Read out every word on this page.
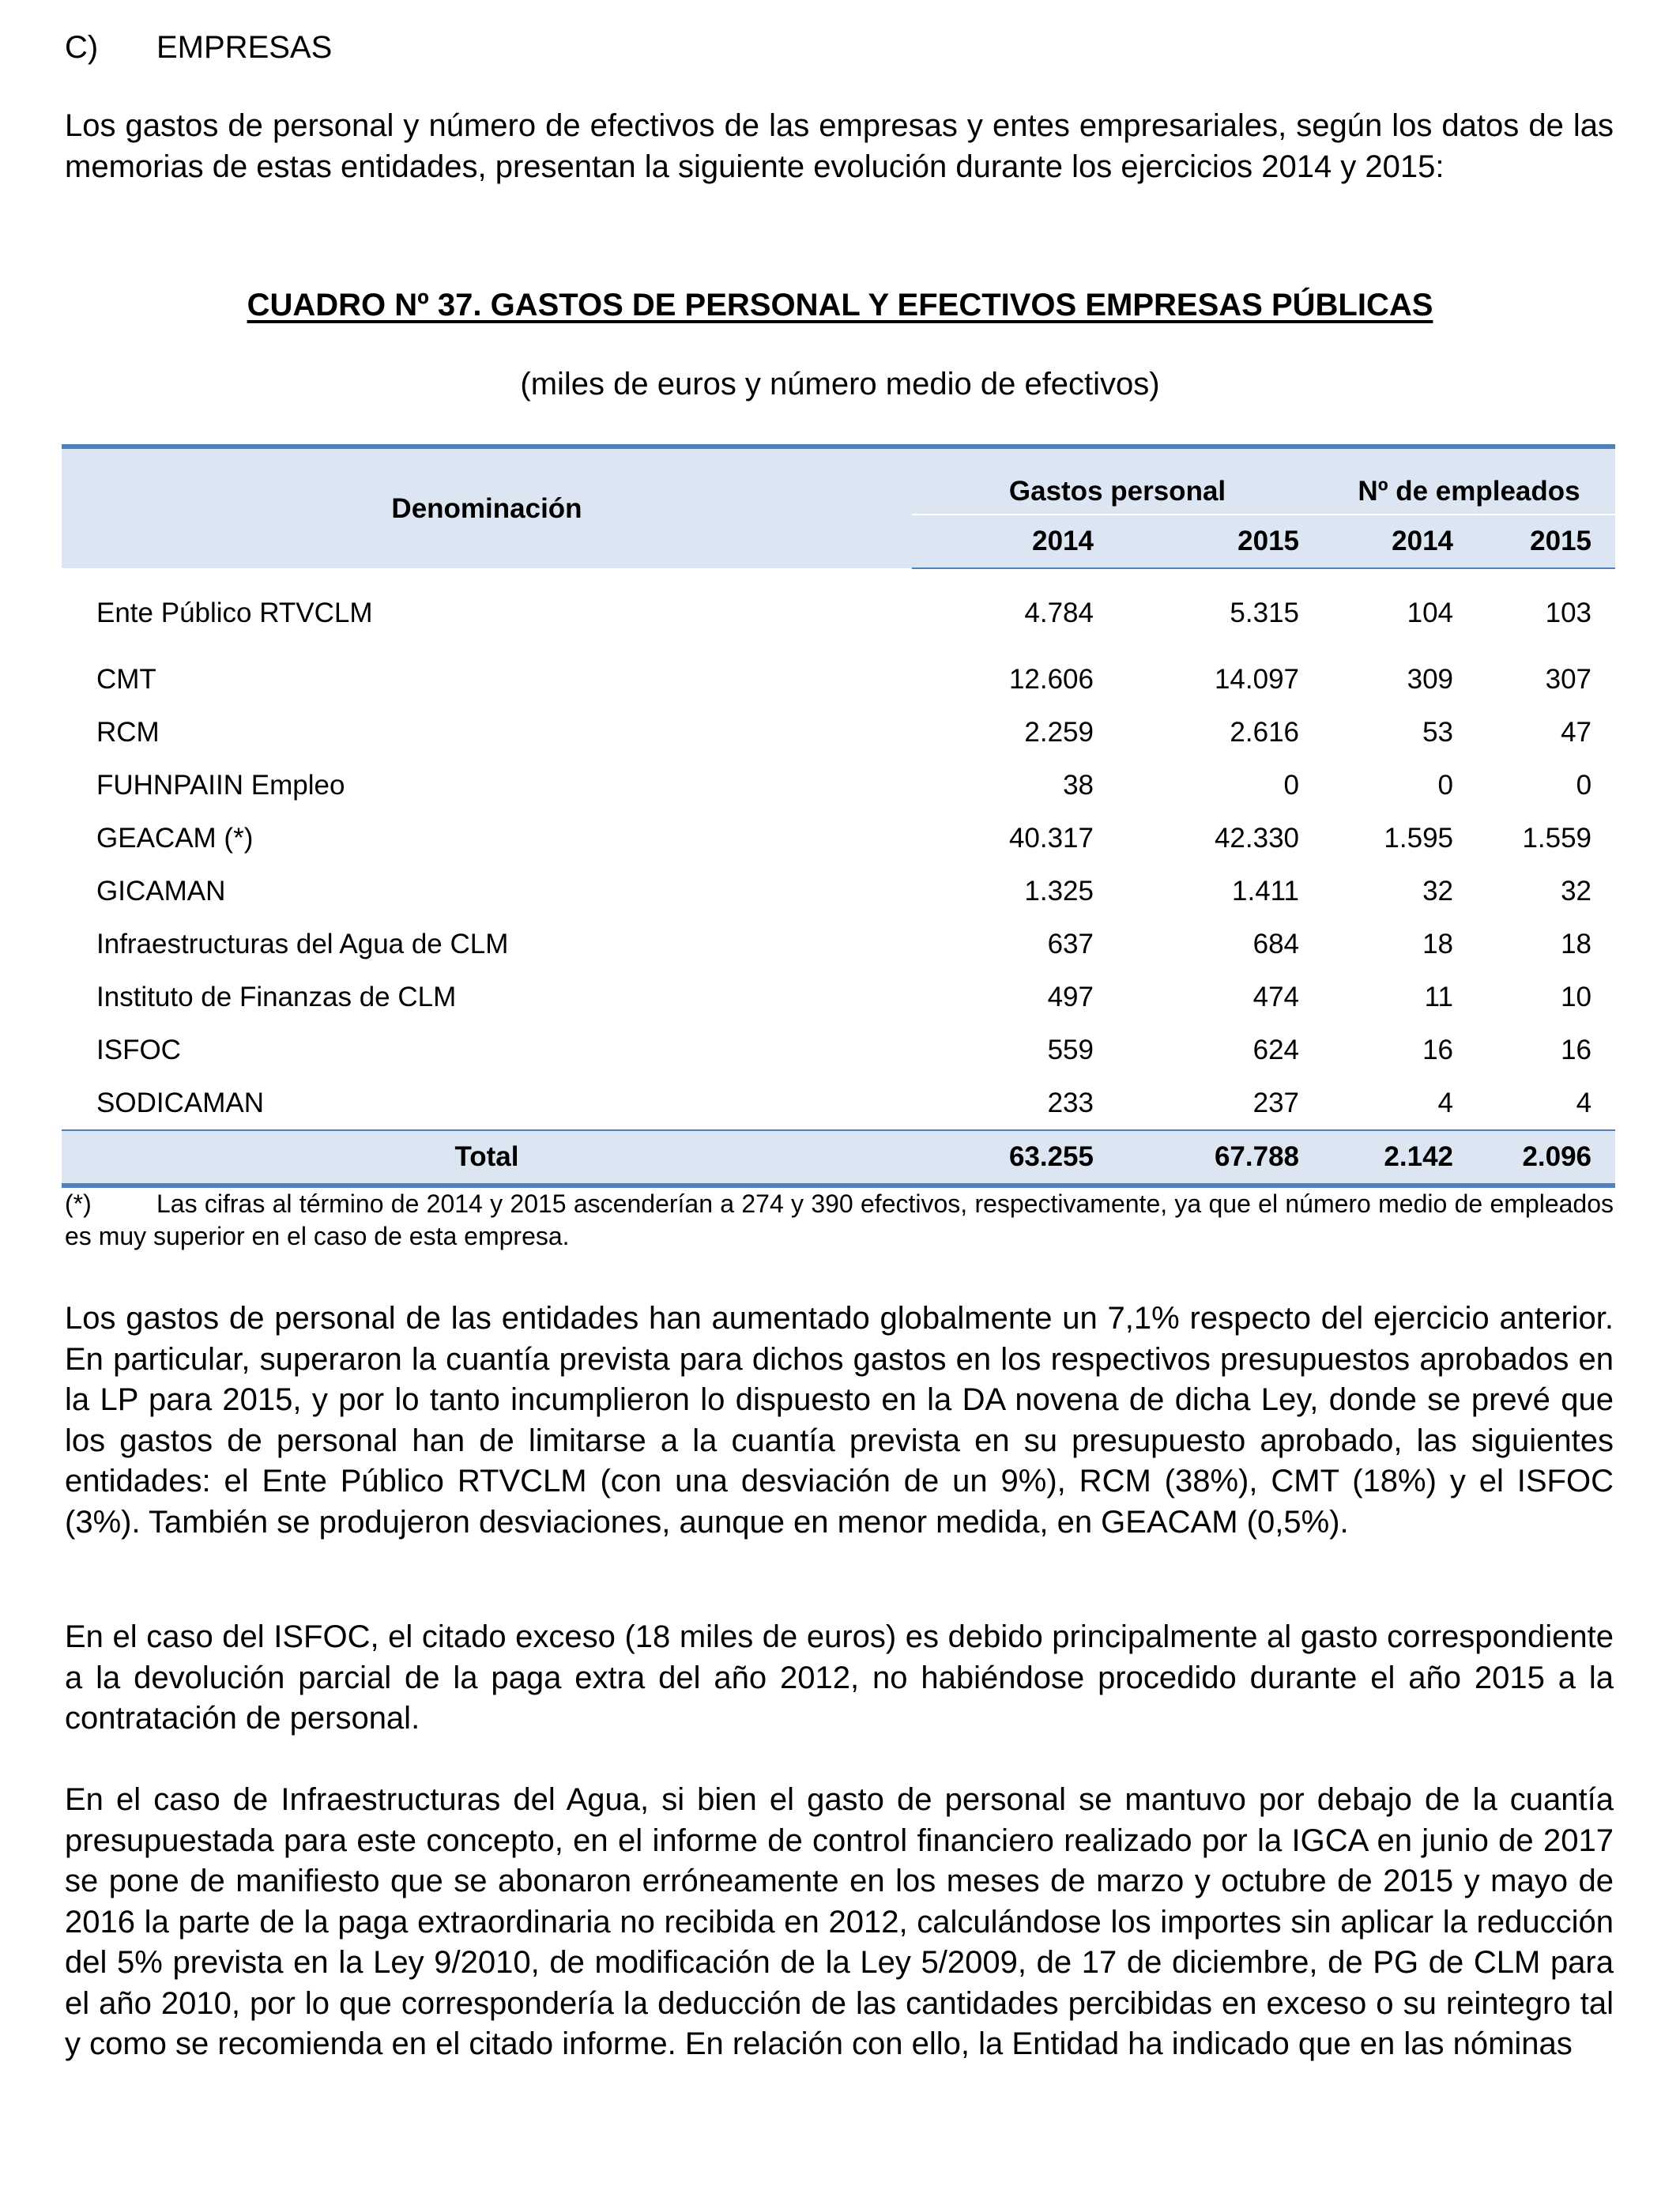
C) EMPRESAS

Los gastos de personal y número de efectivos de las empresas y entes empresariales, según los datos de las memorias de estas entidades, presentan la siguiente evolución durante los ejercicios 2014 y 2015:

CUADRO Nº 37. GASTOS DE PERSONAL Y EFECTIVOS EMPRESAS PÚBLICAS
(miles de euros y número medio de efectivos)
Denominación	Gastos personal		Nº de empleados	
	2014	2015	2014	2015
Ente Público RTVCLM	4.784	5.315	104	103
CMT	12.606	14.097	309	307
RCM	2.259	2.616	53	47
FUHNPAIIN Empleo	38	0	0	0
GEACAM (*)	40.317	42.330	1.595	1.559
GICAMAN	1.325	1.411	32	32
Infraestructuras del Agua de CLM	637	684	18	18
Instituto de Finanzas de CLM	497	474	11	10
ISFOC	559	624	16	16
SODICAMAN	233	237	4	4
Total	63.255	67.788	2.142	2.096

(*)	Las cifras al término de 2014 y 2015 ascenderían a 274 y 390 efectivos, respectivamente, ya que el número medio de empleados es muy superior en el caso de esta empresa.

Los gastos de personal de las entidades han aumentado globalmente un 7,1% respecto del ejercicio anterior. En particular, superaron la cuantía prevista para dichos gastos en los respectivos presupuestos aprobados en la LP para 2015, y por lo tanto incumplieron lo dispuesto en la DA novena de dicha Ley, donde se prevé que los gastos de personal han de limitarse a la cuantía prevista en su presupuesto aprobado, las siguientes entidades: el Ente Público RTVCLM (con una desviación de un 9%), RCM (38%), CMT (18%) y el ISFOC (3%). También se produjeron desviaciones, aunque en menor medida, en GEACAM (0,5%).

En el caso del ISFOC, el citado exceso (18 miles de euros) es debido principalmente al gasto correspondiente a la devolución parcial de la paga extra del año 2012, no habiéndose procedido durante el año 2015 a la contratación de personal.

En el caso de Infraestructuras del Agua, si bien el gasto de personal se mantuvo por debajo de la cuantía presupuestada para este concepto, en el informe de control financiero realizado por la IGCA en junio de 2017 se pone de manifiesto que se abonaron erróneamente en los meses de marzo y octubre de 2015 y mayo de 2016 la parte de la paga extraordinaria no recibida en 2012, calculándose los importes sin aplicar la reducción del 5% prevista en la Ley 9/2010, de modificación de la Ley 5/2009, de 17 de diciembre, de PG de CLM para el año 2010, por lo que correspondería la deducción de las cantidades percibidas en exceso o su reintegro tal y como se recomienda en el citado informe. En relación con ello, la Entidad ha indicado que en las nóminas
